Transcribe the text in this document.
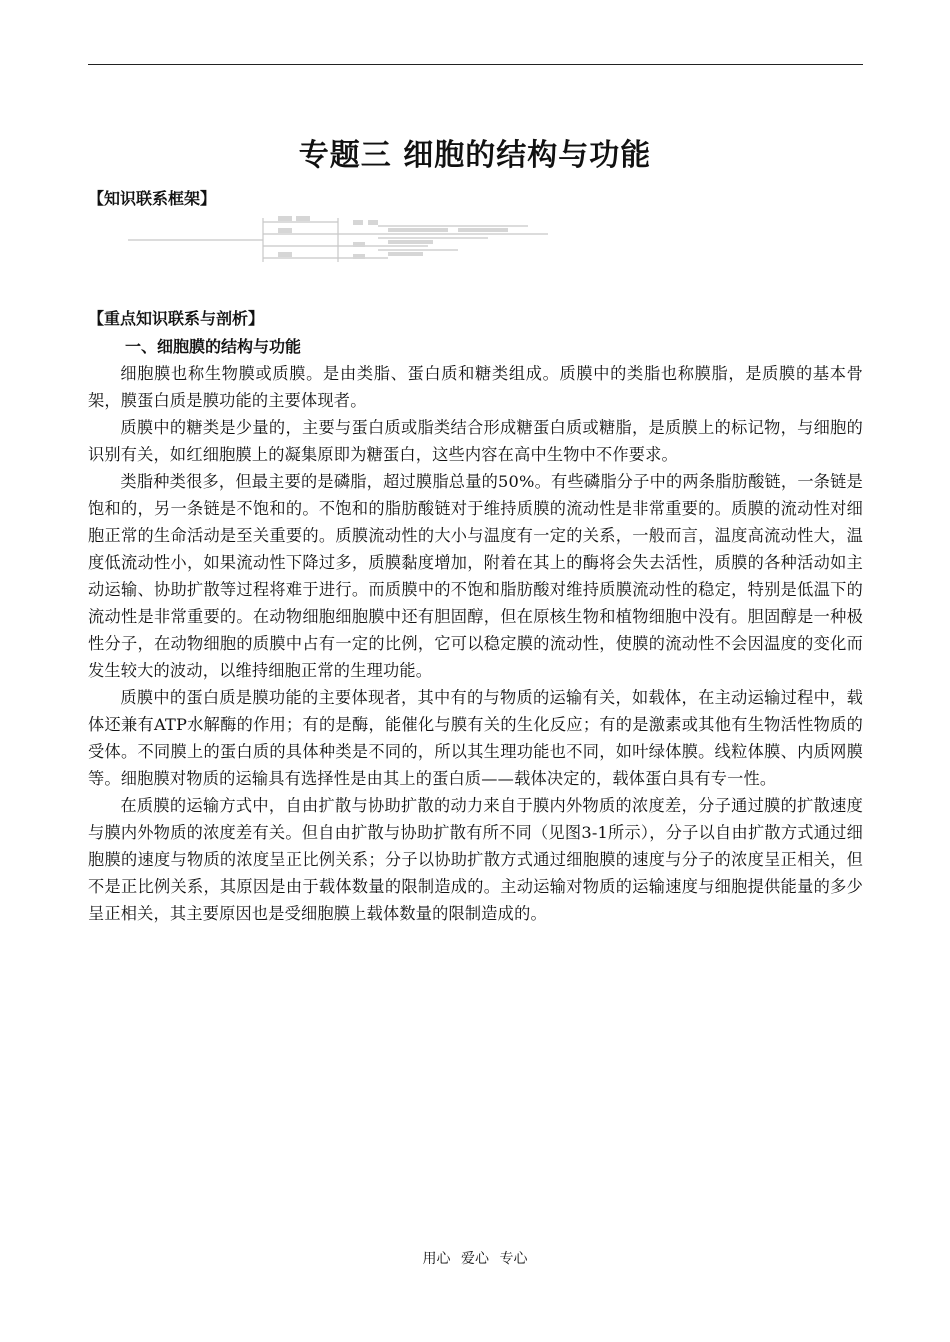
专题三 细胞的结构与功能

【知识联系框架】

【重点知识联系与剖析】

一、细胞膜的结构与功能

细胞膜也称生物膜或质膜。是由类脂、蛋白质和糖类组成。质膜中的类脂也称膜脂，是质膜的基本骨架，膜蛋白质是膜功能的主要体现者。

质膜中的糖类是少量的，主要与蛋白质或脂类结合形成糖蛋白质或糖脂，是质膜上的标记物，与细胞的识别有关，如红细胞膜上的凝集原即为糖蛋白，这些内容在高中生物中不作要求。

类脂种类很多，但最主要的是磷脂，超过膜脂总量的50%。有些磷脂分子中的两条脂肪酸链，一条链是饱和的，另一条链是不饱和的。不饱和的脂肪酸链对于维持质膜的流动性是非常重要的。质膜的流动性对细胞正常的生命活动是至关重要的。质膜流动性的大小与温度有一定的关系，一般而言，温度高流动性大，温度低流动性小，如果流动性下降过多，质膜黏度增加，附着在其上的酶将会失去活性，质膜的各种活动如主动运输、协助扩散等过程将难于进行。而质膜中的不饱和脂肪酸对维持质膜流动性的稳定，特别是低温下的流动性是非常重要的。在动物细胞细胞膜中还有胆固醇，但在原核生物和植物细胞中没有。胆固醇是一种极性分子，在动物细胞的质膜中占有一定的比例，它可以稳定膜的流动性，使膜的流动性不会因温度的变化而发生较大的波动，以维持细胞正常的生理功能。

质膜中的蛋白质是膜功能的主要体现者，其中有的与物质的运输有关，如载体，在主动运输过程中，载体还兼有ATP水解酶的作用；有的是酶，能催化与膜有关的生化反应；有的是激素或其他有生物活性物质的受体。不同膜上的蛋白质的具体种类是不同的，所以其生理功能也不同，如叶绿体膜。线粒体膜、内质网膜等。细胞膜对物质的运输具有选择性是由其上的蛋白质——载体决定的，载体蛋白具有专一性。

在质膜的运输方式中，自由扩散与协助扩散的动力来自于膜内外物质的浓度差，分子通过膜的扩散速度与膜内外物质的浓度差有关。但自由扩散与协助扩散有所不同（见图3-1所示），分子以自由扩散方式通过细胞膜的速度与物质的浓度呈正比例关系；分子以协助扩散方式通过细胞膜的速度与分子的浓度呈正相关，但不是正比例关系，其原因是由于载体数量的限制造成的。主动运输对物质的运输速度与细胞提供能量的多少呈正相关，其主要原因也是受细胞膜上载体数量的限制造成的。

用心 爱心 专心
